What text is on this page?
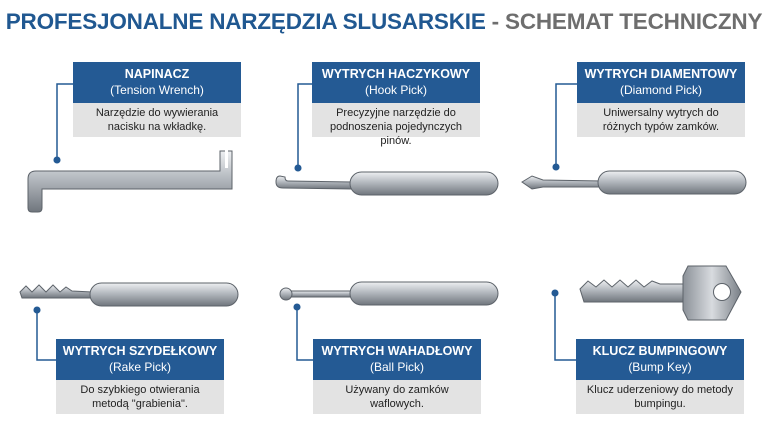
PROFESJONALNE NARZĘDZIA SLUSARSKIE - SCHEMAT TECHNICZNY
NAPINACZ
(Tension Wrench)
Narzędzie do wywierania nacisku na wkładkę.
WYTRYCH HACZYKOWY
(Hook Pick)
Precyzyjne narzędzie do podnoszenia pojedynczych pinów.
WYTRYCH DIAMENTOWY
(Diamond Pick)
Uniwersalny wytrych do różnych typów zamków.
WYTRYCH SZYDEŁKOWY
(Rake Pick)
Do szybkiego otwierania metodą "grabienia".
WYTRYCH WAHADŁOWY
(Ball Pick)
Używany do zamków waflowych.
KLUCZ BUMPINGOWY
(Bump Key)
Klucz uderzeniowy do metody bumpingu.
